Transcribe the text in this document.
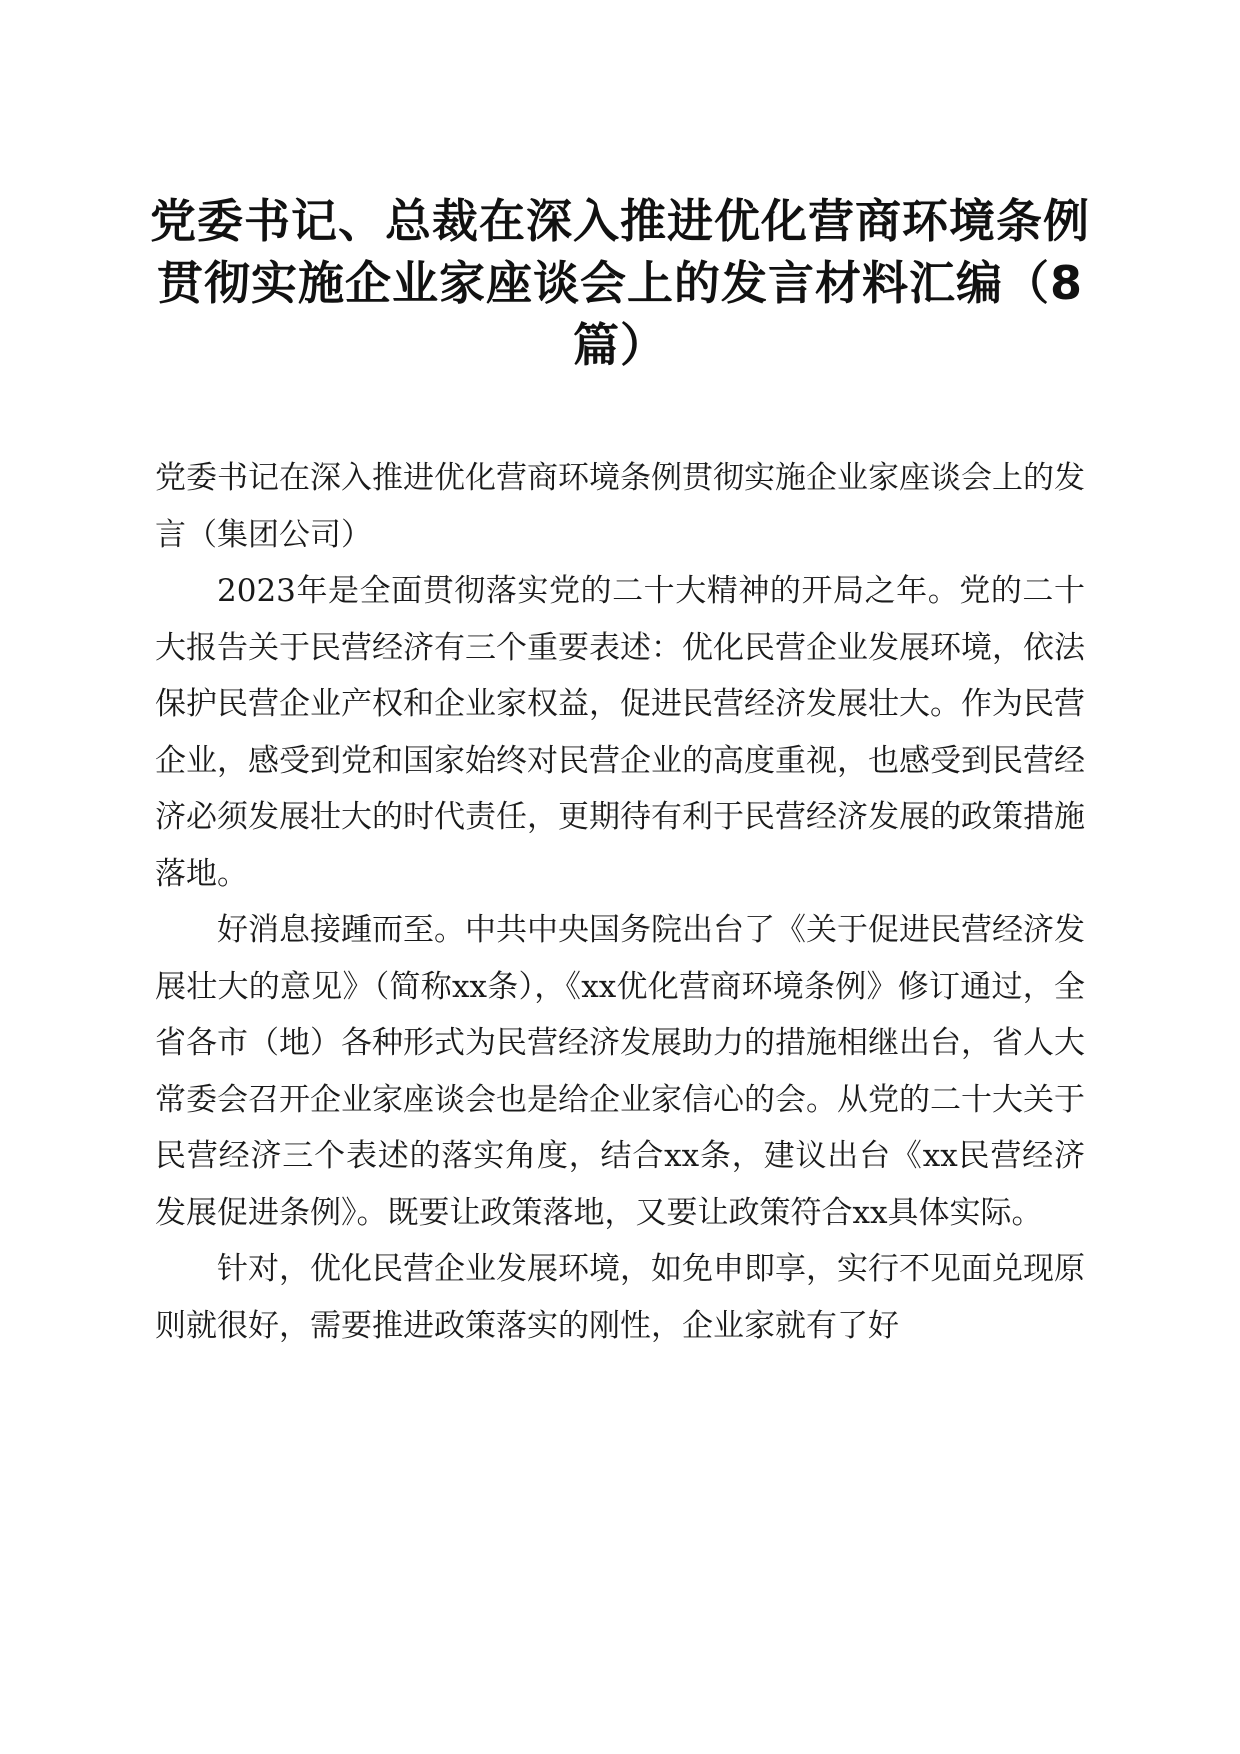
党委书记、总裁在深入推进优化营商环境条例贯彻实施企业家座谈会上的发言材料汇编（8篇）

党委书记在深入推进优化营商环境条例贯彻实施企业家座谈会上的发言（集团公司）

2023年是全面贯彻落实党的二十大精神的开局之年。党的二十大报告关于民营经济有三个重要表述：优化民营企业发展环境，依法保护民营企业产权和企业家权益，促进民营经济发展壮大。作为民营企业，感受到党和国家始终对民营企业的高度重视，也感受到民营经济必须发展壮大的时代责任，更期待有利于民营经济发展的政策措施落地。

好消息接踵而至。中共中央国务院出台了《关于促进民营经济发展壮大的意见》（简称xx条），《xx优化营商环境条例》修订通过，全省各市（地）各种形式为民营经济发展助力的措施相继出台，省人大常委会召开企业家座谈会也是给企业家信心的会。从党的二十大关于民营经济三个表述的落实角度，结合xx条，建议出台《xx民营经济发展促进条例》。既要让政策落地，又要让政策符合xx具体实际。

针对，优化民营企业发展环境，如免申即享，实行不见面兑现原则就很好，需要推进政策落实的刚性，企业家就有了好
